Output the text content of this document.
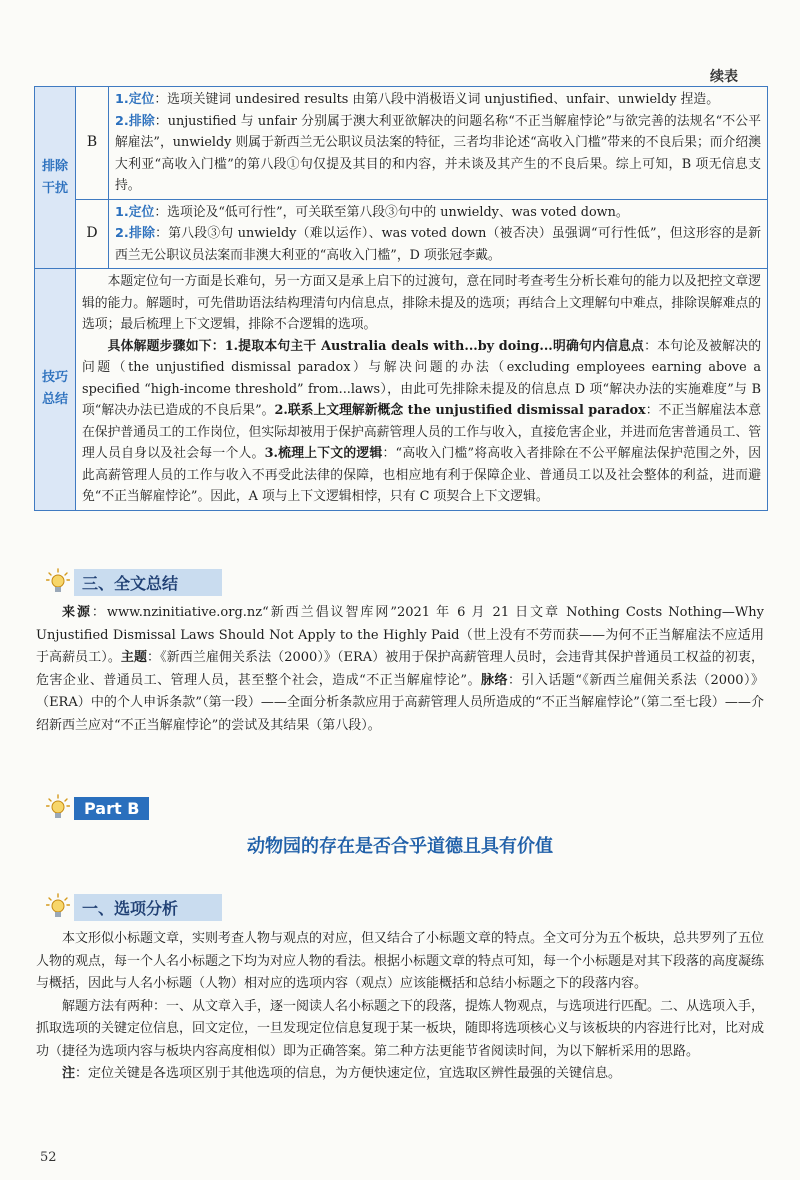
续表
排除干扰	B	1.定位：选项关键词 undesired results 由第八段中消极语义词 unjustified、unfair、unwieldy 捏造。

2.排除：unjustified 与 unfair 分别属于澳大利亚欲解决的问题名称“不正当解雇悖论”与欲完善的法规名“不公平解雇法”，unwieldy 则属于新西兰无公职议员法案的特征，三者均非论述“高收入门槛”带来的不良后果；而介绍澳大利亚“高收入门槛”的第八段①句仅提及其目的和内容，并未谈及其产生的不良后果。综上可知，B 项无信息支持。

	D	1.定位：选项论及“低可行性”，可关联至第八段③句中的 unwieldy、was voted down。

2.排除：第八段③句 unwieldy（难以运作）、was voted down（被否决）虽强调“可行性低”，但这形容的是新西兰无公职议员法案而非澳大利亚的“高收入门槛”，D 项张冠李戴。

技巧总结	本题定位句一方面是长难句，另一方面又是承上启下的过渡句，意在同时考查考生分析长难句的能力以及把控文章逻辑的能力。解题时，可先借助语法结构理清句内信息点，排除未提及的选项；再结合上文理解句中难点，排除误解难点的选项；最后梳理上下文逻辑，排除不合逻辑的选项。

具体解题步骤如下：1.提取本句主干 Australia deals with...by doing...明确句内信息点：本句论及被解决的问题（the unjustified dismissal paradox）与解决问题的办法（excluding employees earning above a specified “high-income threshold” from...laws），由此可先排除未提及的信息点 D 项“解决办法的实施难度”与 B 项“解决办法已造成的不良后果”。2.联系上文理解新概念 the unjustified dismissal paradox：不正当解雇法本意在保护普通员工的工作岗位，但实际却被用于保护高薪管理人员的工作与收入，直接危害企业，并进而危害普通员工、管理人员自身以及社会每一个人。3.梳理上下文的逻辑：“高收入门槛”将高收入者排除在不公平解雇法保护范围之外，因此高薪管理人员的工作与收入不再受此法律的保障，也相应地有利于保障企业、普通员工以及社会整体的利益，进而避免“不正当解雇悖论”。因此，A 项与上下文逻辑相悖，只有 C 项契合上下文逻辑。	

三、全文总结

来源：www.nzinitiative.org.nz“新西兰倡议智库网”2021 年 6 月 21 日文章 Nothing Costs Nothing—Why Unjustified Dismissal Laws Should Not Apply to the Highly Paid（世上没有不劳而获——为何不正当解雇法不应适用于高薪员工）。主题：《新西兰雇佣关系法（2000）》（ERA）被用于保护高薪管理人员时，会违背其保护普通员工权益的初衷，危害企业、普通员工、管理人员，甚至整个社会，造成“不正当解雇悖论”。脉络：引入话题“《新西兰雇佣关系法（2000）》（ERA）中的个人申诉条款”（第一段）——全面分析条款应用于高薪管理人员所造成的“不正当解雇悖论”（第二至七段）——介绍新西兰应对“不正当解雇悖论”的尝试及其结果（第八段）。

Part B
动物园的存在是否合乎道德且具有价值
一、选项分析

本文形似小标题文章，实则考查人物与观点的对应，但又结合了小标题文章的特点。全文可分为五个板块，总共罗列了五位人物的观点，每一个人名小标题之下均为对应人物的看法。根据小标题文章的特点可知，每一个小标题是对其下段落的高度凝练与概括，因此与人名小标题（人物）相对应的选项内容（观点）应该能概括和总结小标题之下的段落内容。

解题方法有两种：一、从文章入手，逐一阅读人名小标题之下的段落，提炼人物观点，与选项进行匹配。二、从选项入手，抓取选项的关键定位信息，回文定位，一旦发现定位信息复现于某一板块，随即将选项核心义与该板块的内容进行比对，比对成功（捷径为选项内容与板块内容高度相似）即为正确答案。第二种方法更能节省阅读时间，为以下解析采用的思路。

注：定位关键是各选项区别于其他选项的信息，为方便快速定位，宜选取区辨性最强的关键信息。

52
